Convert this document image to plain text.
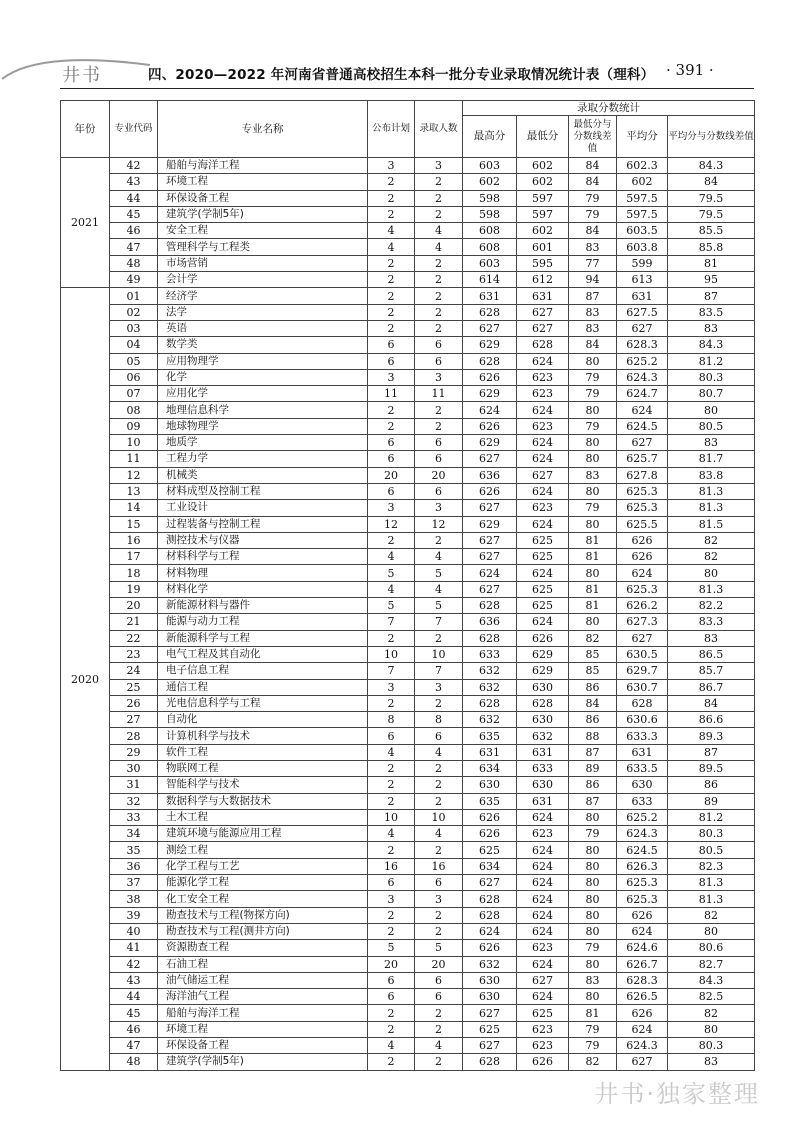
井书	四、2020—2022 年河南省普通高校招生本科一批分专业录取情况统计表（理科） · 391 ·
年份	专业代码	专业名称	公布计划	录取人数	录取分数统计				
					最高分	最低分	最低分与分数线差值	平均分	平均分与分数线差值
2021	42	船舶与海洋工程	3	3	603	602	84	602.3	84.3
	43	环境工程	2	2	602	602	84	602	84
	44	环保设备工程	2	2	598	597	79	597.5	79.5
	45	建筑学(学制5年)	2	2	598	597	79	597.5	79.5
	46	安全工程	4	4	608	602	84	603.5	85.5
	47	管理科学与工程类	4	4	608	601	83	603.8	85.8
	48	市场营销	2	2	603	595	77	599	81
	49	会计学	2	2	614	612	94	613	95
2020	01	经济学	2	2	631	631	87	631	87
	02	法学	2	2	628	627	83	627.5	83.5
	03	英语	2	2	627	627	83	627	83
	04	数学类	6	6	629	628	84	628.3	84.3
	05	应用物理学	6	6	628	624	80	625.2	81.2
	06	化学	3	3	626	623	79	624.3	80.3
	07	应用化学	11	11	629	623	79	624.7	80.7
	08	地理信息科学	2	2	624	624	80	624	80
	09	地球物理学	2	2	626	623	79	624.5	80.5
	10	地质学	6	6	629	624	80	627	83
	11	工程力学	6	6	627	624	80	625.7	81.7
	12	机械类	20	20	636	627	83	627.8	83.8
	13	材料成型及控制工程	6	6	626	624	80	625.3	81.3
	14	工业设计	3	3	627	623	79	625.3	81.3
	15	过程装备与控制工程	12	12	629	624	80	625.5	81.5
	16	测控技术与仪器	2	2	627	625	81	626	82
	17	材料科学与工程	4	4	627	625	81	626	82
	18	材料物理	5	5	624	624	80	624	80
	19	材料化学	4	4	627	625	81	625.3	81.3
	20	新能源材料与器件	5	5	628	625	81	626.2	82.2
	21	能源与动力工程	7	7	636	624	80	627.3	83.3
	22	新能源科学与工程	2	2	628	626	82	627	83
	23	电气工程及其自动化	10	10	633	629	85	630.5	86.5
	24	电子信息工程	7	7	632	629	85	629.7	85.7
	25	通信工程	3	3	632	630	86	630.7	86.7
	26	光电信息科学与工程	2	2	628	628	84	628	84
	27	自动化	8	8	632	630	86	630.6	86.6
	28	计算机科学与技术	6	6	635	632	88	633.3	89.3
	29	软件工程	4	4	631	631	87	631	87
	30	物联网工程	2	2	634	633	89	633.5	89.5
	31	智能科学与技术	2	2	630	630	86	630	86
	32	数据科学与大数据技术	2	2	635	631	87	633	89
	33	土木工程	10	10	626	624	80	625.2	81.2
	34	建筑环境与能源应用工程	4	4	626	623	79	624.3	80.3
	35	测绘工程	2	2	625	624	80	624.5	80.5
	36	化学工程与工艺	16	16	634	624	80	626.3	82.3
	37	能源化学工程	6	6	627	624	80	625.3	81.3
	38	化工安全工程	3	3	628	624	80	625.3	81.3
	39	勘查技术与工程(物探方向)	2	2	628	624	80	626	82
	40	勘查技术与工程(测井方向)	2	2	624	624	80	624	80
	41	资源勘查工程	5	5	626	623	79	624.6	80.6
	42	石油工程	20	20	632	624	80	626.7	82.7
	43	油气储运工程	6	6	630	627	83	628.3	84.3
	44	海洋油气工程	6	6	630	624	80	626.5	82.5
	45	船舶与海洋工程	2	2	627	625	81	626	82
	46	环境工程	2	2	625	623	79	624	80
	47	环保设备工程	4	4	627	623	79	624.3	80.3
	48	建筑学(学制5年)	2	2	628	626	82	627	83
井书·独家整理
